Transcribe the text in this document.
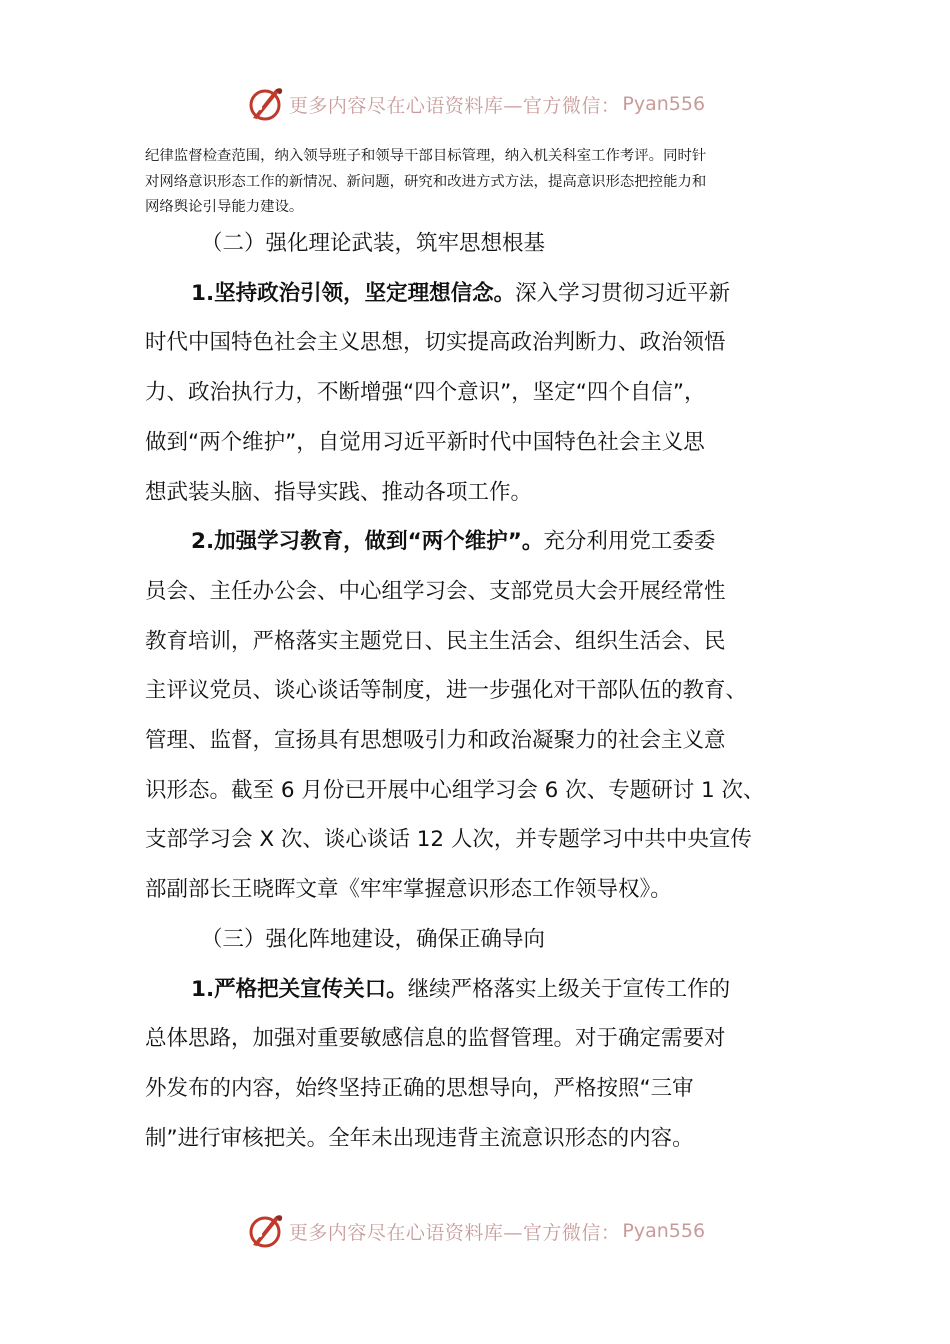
更多内容尽在心语资料库—官方微信： Pyan556

纪律监督检查范围，纳入领导班子和领导干部目标管理，纳入机关科室工作考评。同时针
对网络意识形态工作的新情况、新问题，研究和改进方式方法，提高意识形态把控能力和
网络舆论引导能力建设。

（二）强化理论武装，筑牢思想根基

1.坚持政治引领，坚定理想信念。深入学习贯彻习近平新
时代中国特色社会主义思想，切实提高政治判断力、政治领悟
力、政治执行力，不断增强“四个意识”，坚定“四个自信”，
做到“两个维护”，自觉用习近平新时代中国特色社会主义思
想武装头脑、指导实践、推动各项工作。

2.加强学习教育，做到“两个维护”。充分利用党工委委
员会、主任办公会、中心组学习会、支部党员大会开展经常性
教育培训，严格落实主题党日、民主生活会、组织生活会、民
主评议党员、谈心谈话等制度，进一步强化对干部队伍的教育、
管理、监督，宣扬具有思想吸引力和政治凝聚力的社会主义意
识形态。截至 6 月份已开展中心组学习会 6 次、专题研讨 1 次、
支部学习会 X 次、谈心谈话 12 人次，并专题学习中共中央宣传
部副部长王晓晖文章《牢牢掌握意识形态工作领导权》。

（三）强化阵地建设，确保正确导向

1.严格把关宣传关口。继续严格落实上级关于宣传工作的
总体思路，加强对重要敏感信息的监督管理。对于确定需要对
外发布的内容，始终坚持正确的思想导向，严格按照“三审
制”进行审核把关。全年未出现违背主流意识形态的内容。

更多内容尽在心语资料库—官方微信： Pyan556
